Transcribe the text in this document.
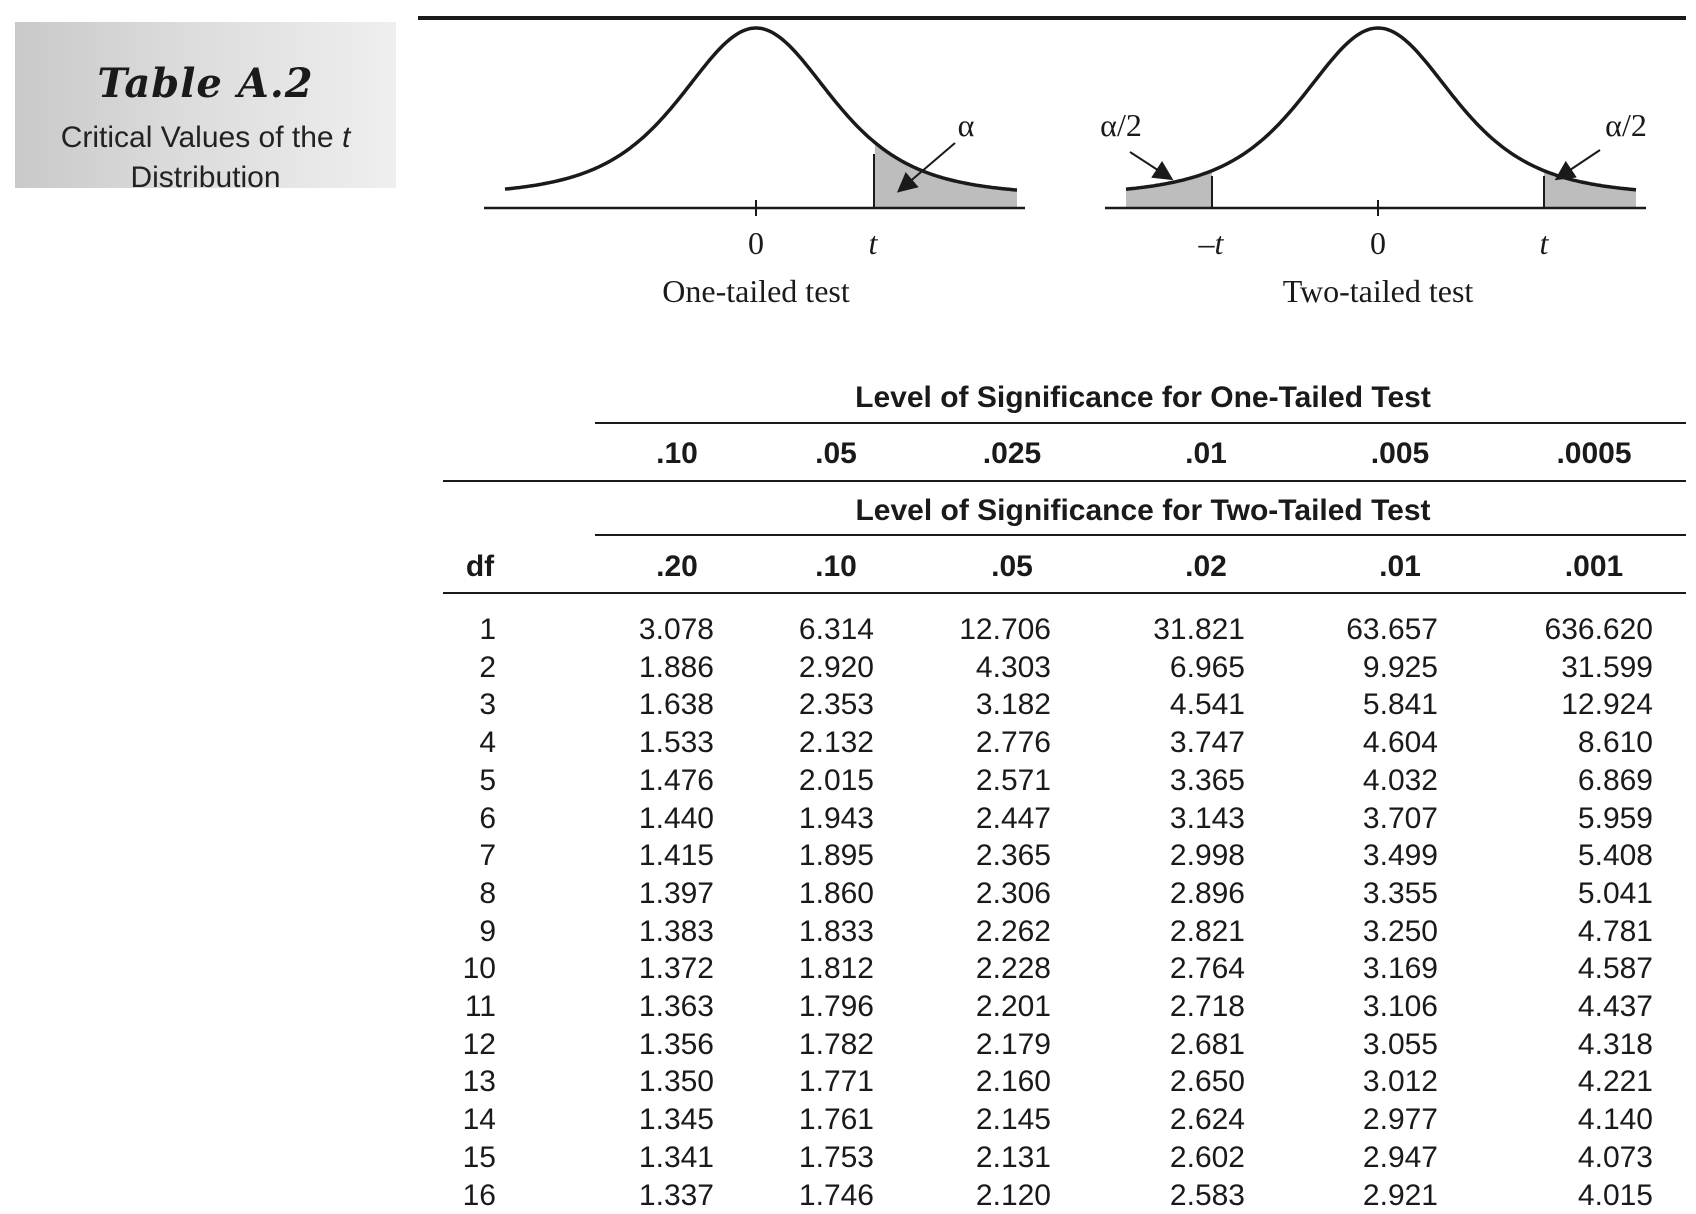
Table A.2
Critical Values of the t
Distribution
α
0	t
One-tailed test
α/2	α/2
–t	0	t
Two-tailed test
Level of Significance for One-Tailed Test
Level of Significance for Two-Tailed Test
df
.10	.05	.025	.01	.005	.0005
.20	.10	.05	.02	.01	.001
1	3.078	6.314	12.706	31.821	63.657	636.620
2	1.886	2.920	4.303	6.965	9.925	31.599
3	1.638	2.353	3.182	4.541	5.841	12.924
4	1.533	2.132	2.776	3.747	4.604	8.610
5	1.476	2.015	2.571	3.365	4.032	6.869
6	1.440	1.943	2.447	3.143	3.707	5.959
7	1.415	1.895	2.365	2.998	3.499	5.408
8	1.397	1.860	2.306	2.896	3.355	5.041
9	1.383	1.833	2.262	2.821	3.250	4.781
10	1.372	1.812	2.228	2.764	3.169	4.587
11	1.363	1.796	2.201	2.718	3.106	4.437
12	1.356	1.782	2.179	2.681	3.055	4.318
13	1.350	1.771	2.160	2.650	3.012	4.221
14	1.345	1.761	2.145	2.624	2.977	4.140
15	1.341	1.753	2.131	2.602	2.947	4.073
16	1.337	1.746	2.120	2.583	2.921	4.015
